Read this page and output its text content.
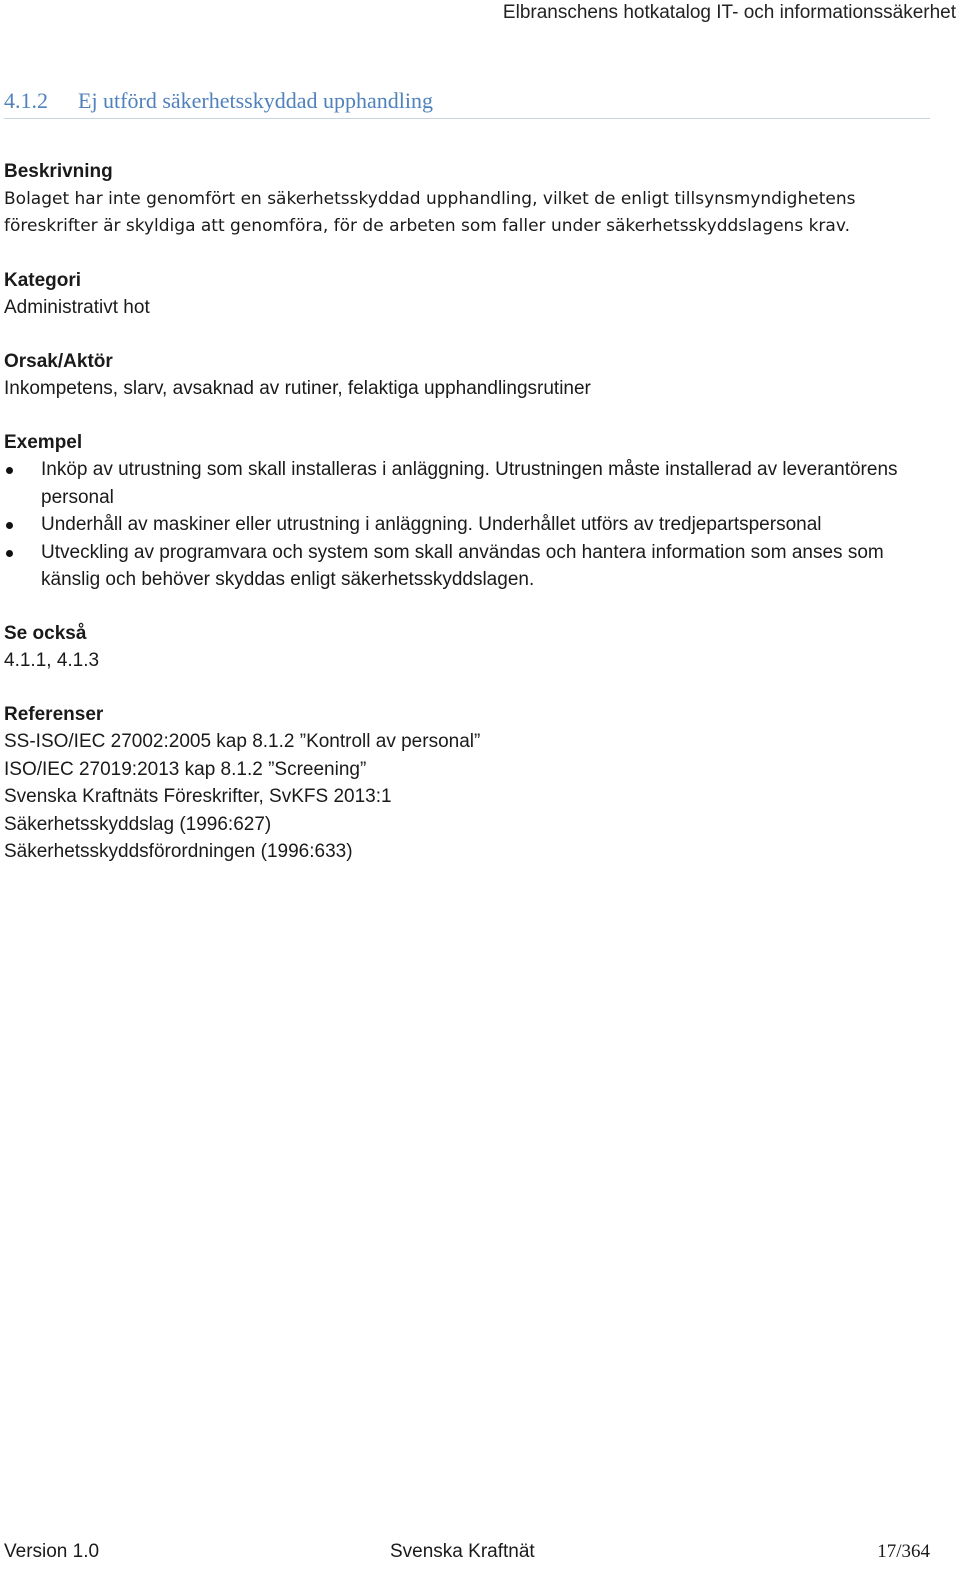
Elbranschens hotkatalog IT- och informationssäkerhet
4.1.2 Ej utförd säkerhetsskyddad upphandling
Beskrivning
Bolaget har inte genomfört en säkerhetsskyddad upphandling, vilket de enligt tillsynsmyndighetens föreskrifter är skyldiga att genomföra, för de arbeten som faller under säkerhetsskyddslagens krav.
Kategori
Administrativt hot
Orsak/Aktör
Inkompetens, slarv, avsaknad av rutiner, felaktiga upphandlingsrutiner
Exempel
Inköp av utrustning som skall installeras i anläggning. Utrustningen måste installerad av leverantörens personal
Underhåll av maskiner eller utrustning i anläggning. Underhållet utförs av tredjepartspersonal
Utveckling av programvara och system som skall användas och hantera information som anses som känslig och behöver skyddas enligt säkerhetsskyddslagen.
Se också
4.1.1, 4.1.3
Referenser
SS-ISO/IEC 27002:2005 kap 8.1.2 ”Kontroll av personal”
ISO/IEC 27019:2013 kap 8.1.2 ”Screening”
Svenska Kraftnäts Föreskrifter, SvKFS 2013:1
Säkerhetsskyddslag (1996:627)
Säkerhetsskyddsförordningen (1996:633)
Version 1.0	Svenska Kraftnät	17/364
